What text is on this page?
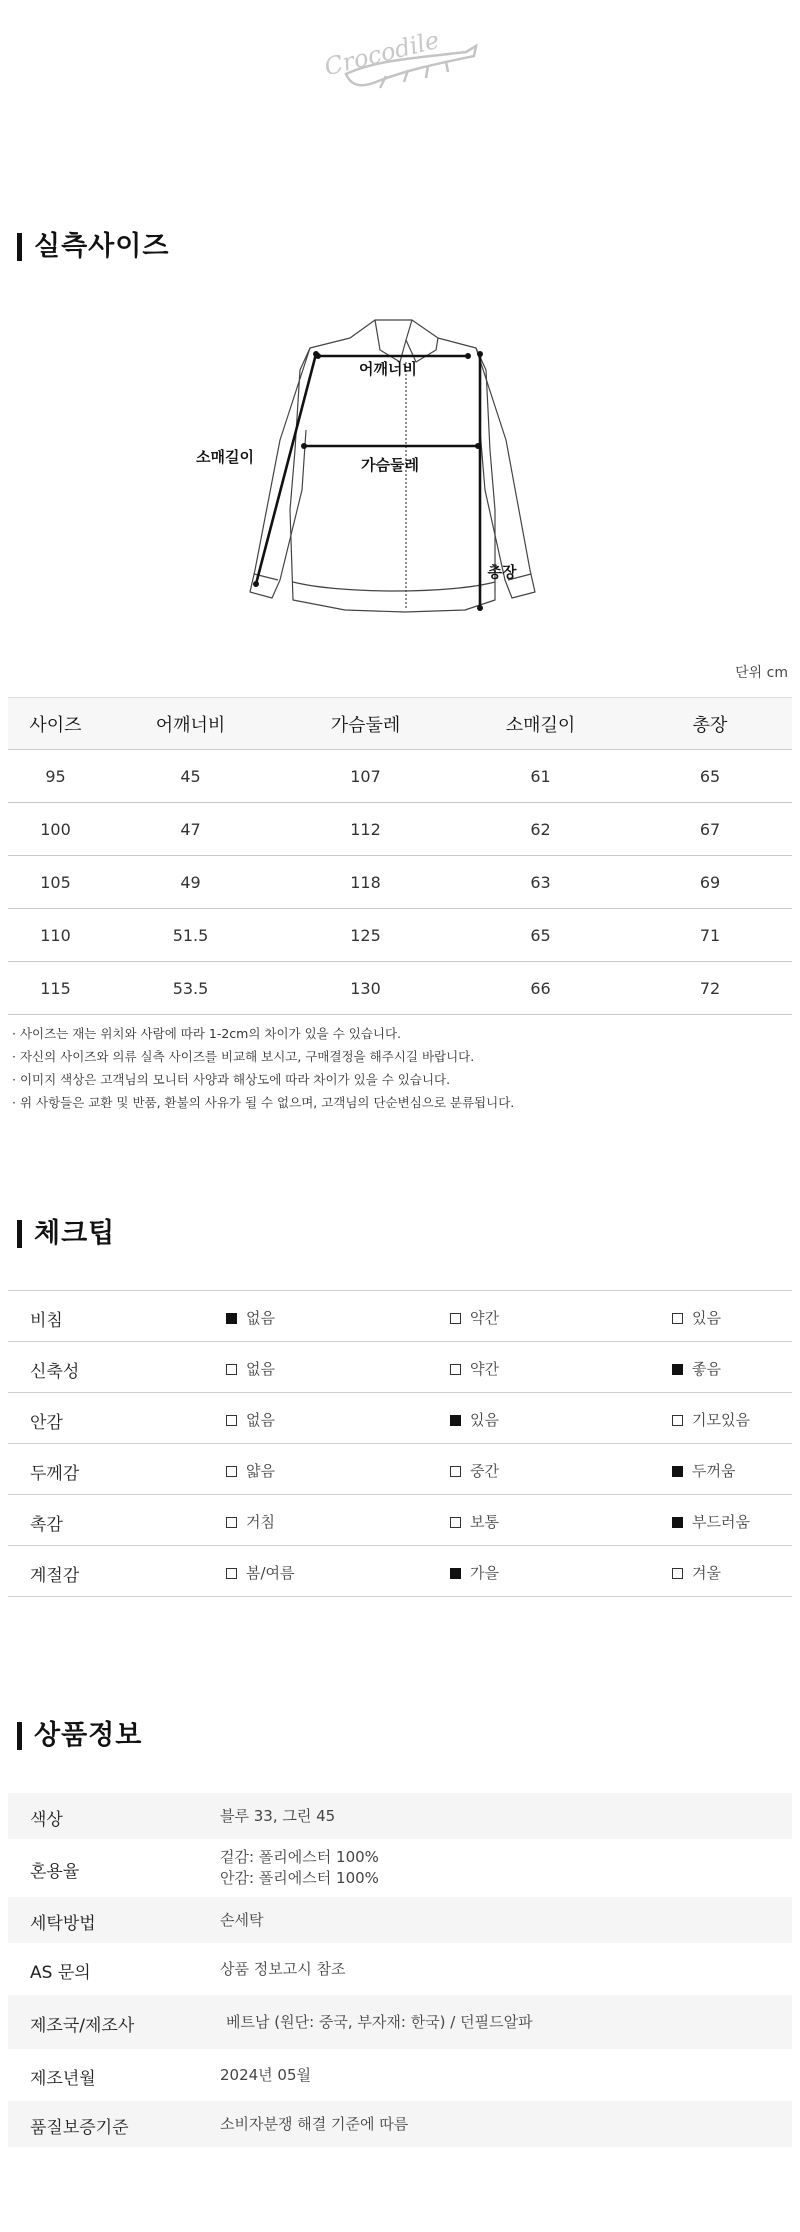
Crocodile
실측사이즈
어깨너비
가슴둘레
소매길이
총장
단위 cm
사이즈	어깨너비	가슴둘레	소매길이	총장
95	45	107	61	65
100	47	112	62	67
105	49	118	63	69
110	51.5	125	65	71
115	53.5	130	66	72
· 사이즈는 재는 위치와 사람에 따라 1-2cm의 차이가 있을 수 있습니다.
· 자신의 사이즈와 의류 실측 사이즈를 비교해 보시고, 구매결정을 해주시길 바랍니다.
· 이미지 색상은 고객님의 모니터 사양과 해상도에 따라 차이가 있을 수 있습니다.
· 위 사항들은 교환 및 반품, 환불의 사유가 될 수 없으며, 고객님의 단순변심으로 분류됩니다.
체크팁
비침	없음	약간	있음
신축성	없음	약간	좋음
안감	없음	있음	기모있음
두께감	얇음	중간	두꺼움
촉감	거침	보통	부드러움
계절감	봄/여름	가을	겨울
상품정보
색상	블루 33, 그린 45
혼용율
겉감: 폴리에스터 100%
안감: 폴리에스터 100%
세탁방법	손세탁
AS 문의	상품 정보고시 참조
제조국/제조사	베트남 (원단: 중국, 부자재: 한국) / 던필드알파
제조년월	2024년 05월
품질보증기준	소비자분쟁 해결 기준에 따름
